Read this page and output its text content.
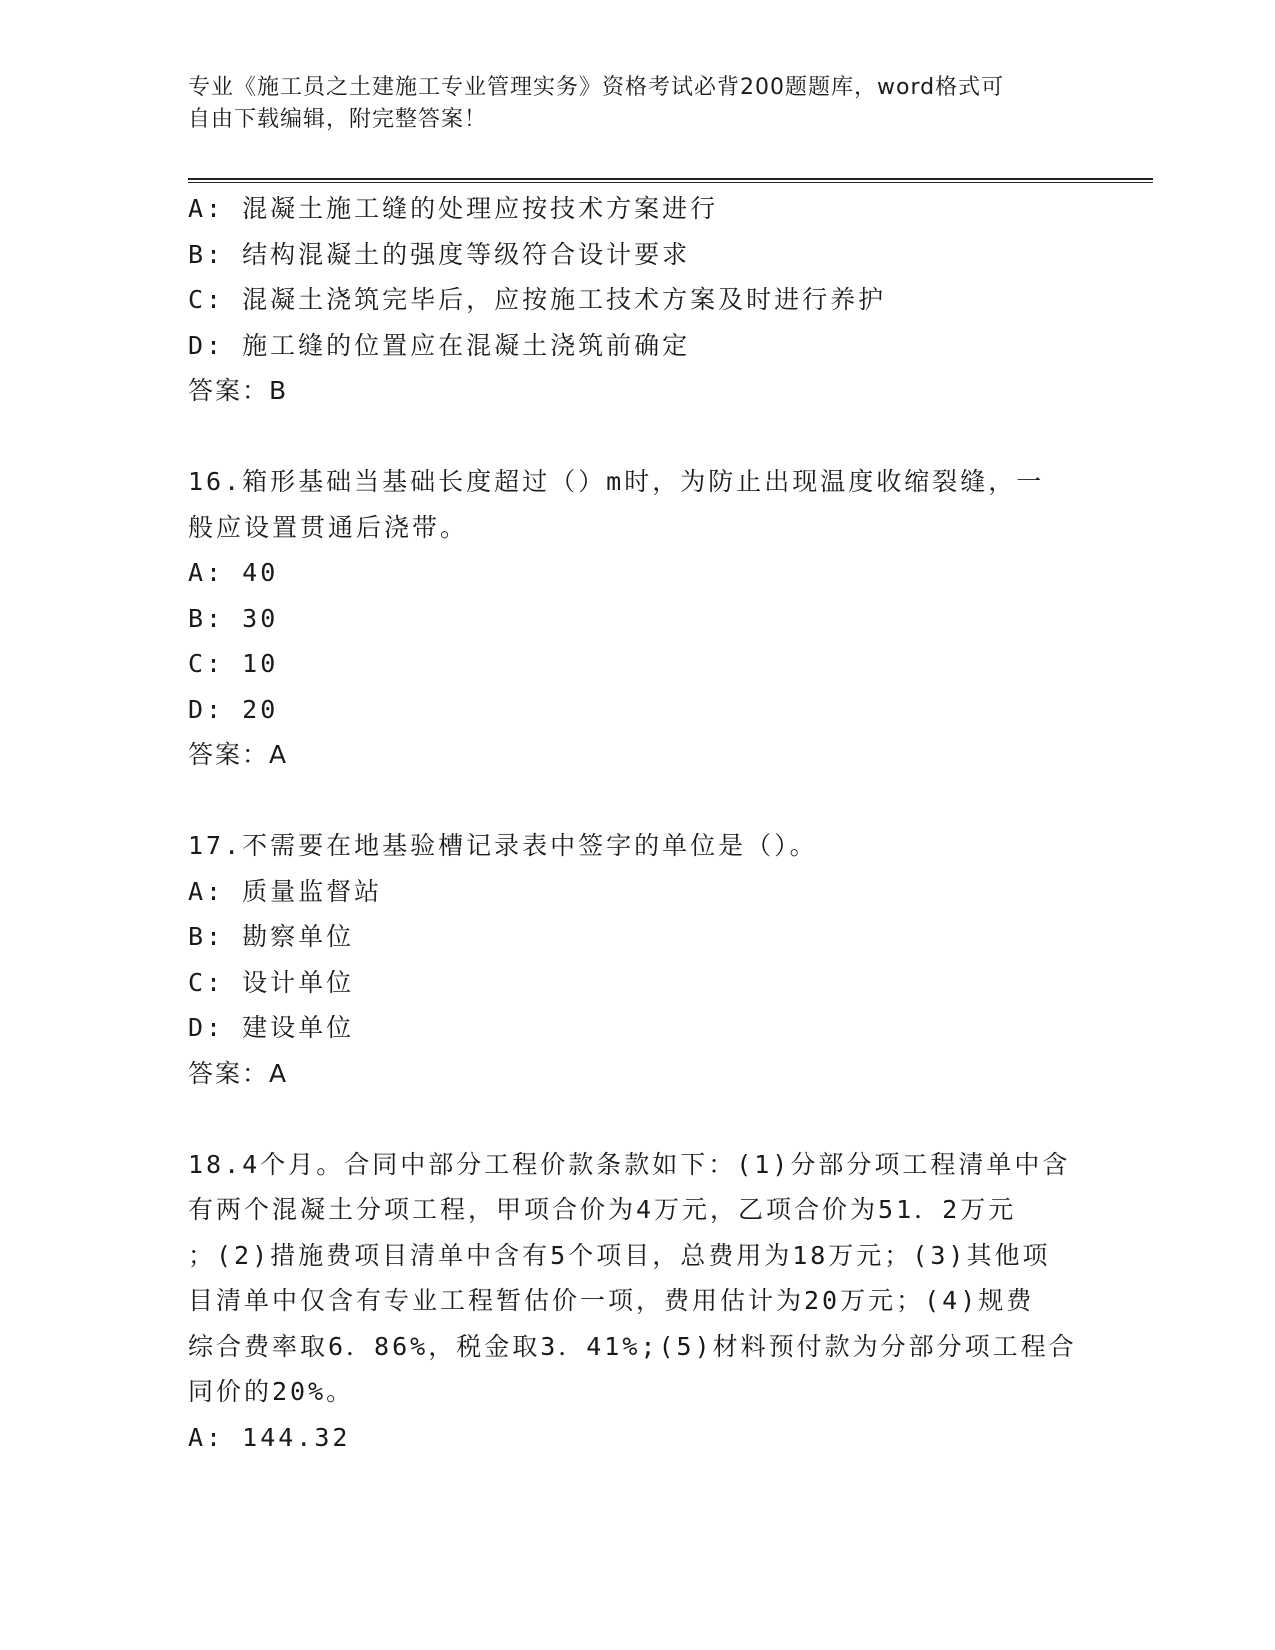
专业《施工员之土建施工专业管理实务》资格考试必背200题题库，word格式可
自由下载编辑，附完整答案！
A: 混凝土施工缝的处理应按技术方案进行
B: 结构混凝土的强度等级符合设计要求
C: 混凝土浇筑完毕后，应按施工技术方案及时进行养护
D: 施工缝的位置应在混凝土浇筑前确定
答案：B
16.箱形基础当基础长度超过（）m时，为防止出现温度收缩裂缝，一
般应设置贯通后浇带。
A: 40
B: 30
C: 10
D: 20
答案：A
17.不需要在地基验槽记录表中签字的单位是（）。
A: 质量监督站
B: 勘察单位
C: 设计单位
D: 建设单位
答案：A
18.4个月。合同中部分工程价款条款如下：(1)分部分项工程清单中含
有两个混凝土分项工程，甲项合价为4万元，乙项合价为51．2万元
；(2)措施费项目清单中含有5个项目，总费用为18万元；(3)其他项
目清单中仅含有专业工程暂估价一项，费用估计为20万元；(4)规费
综合费率取6．86%，税金取3．41%;(5)材料预付款为分部分项工程合
同价的20%。
A: 144.32
